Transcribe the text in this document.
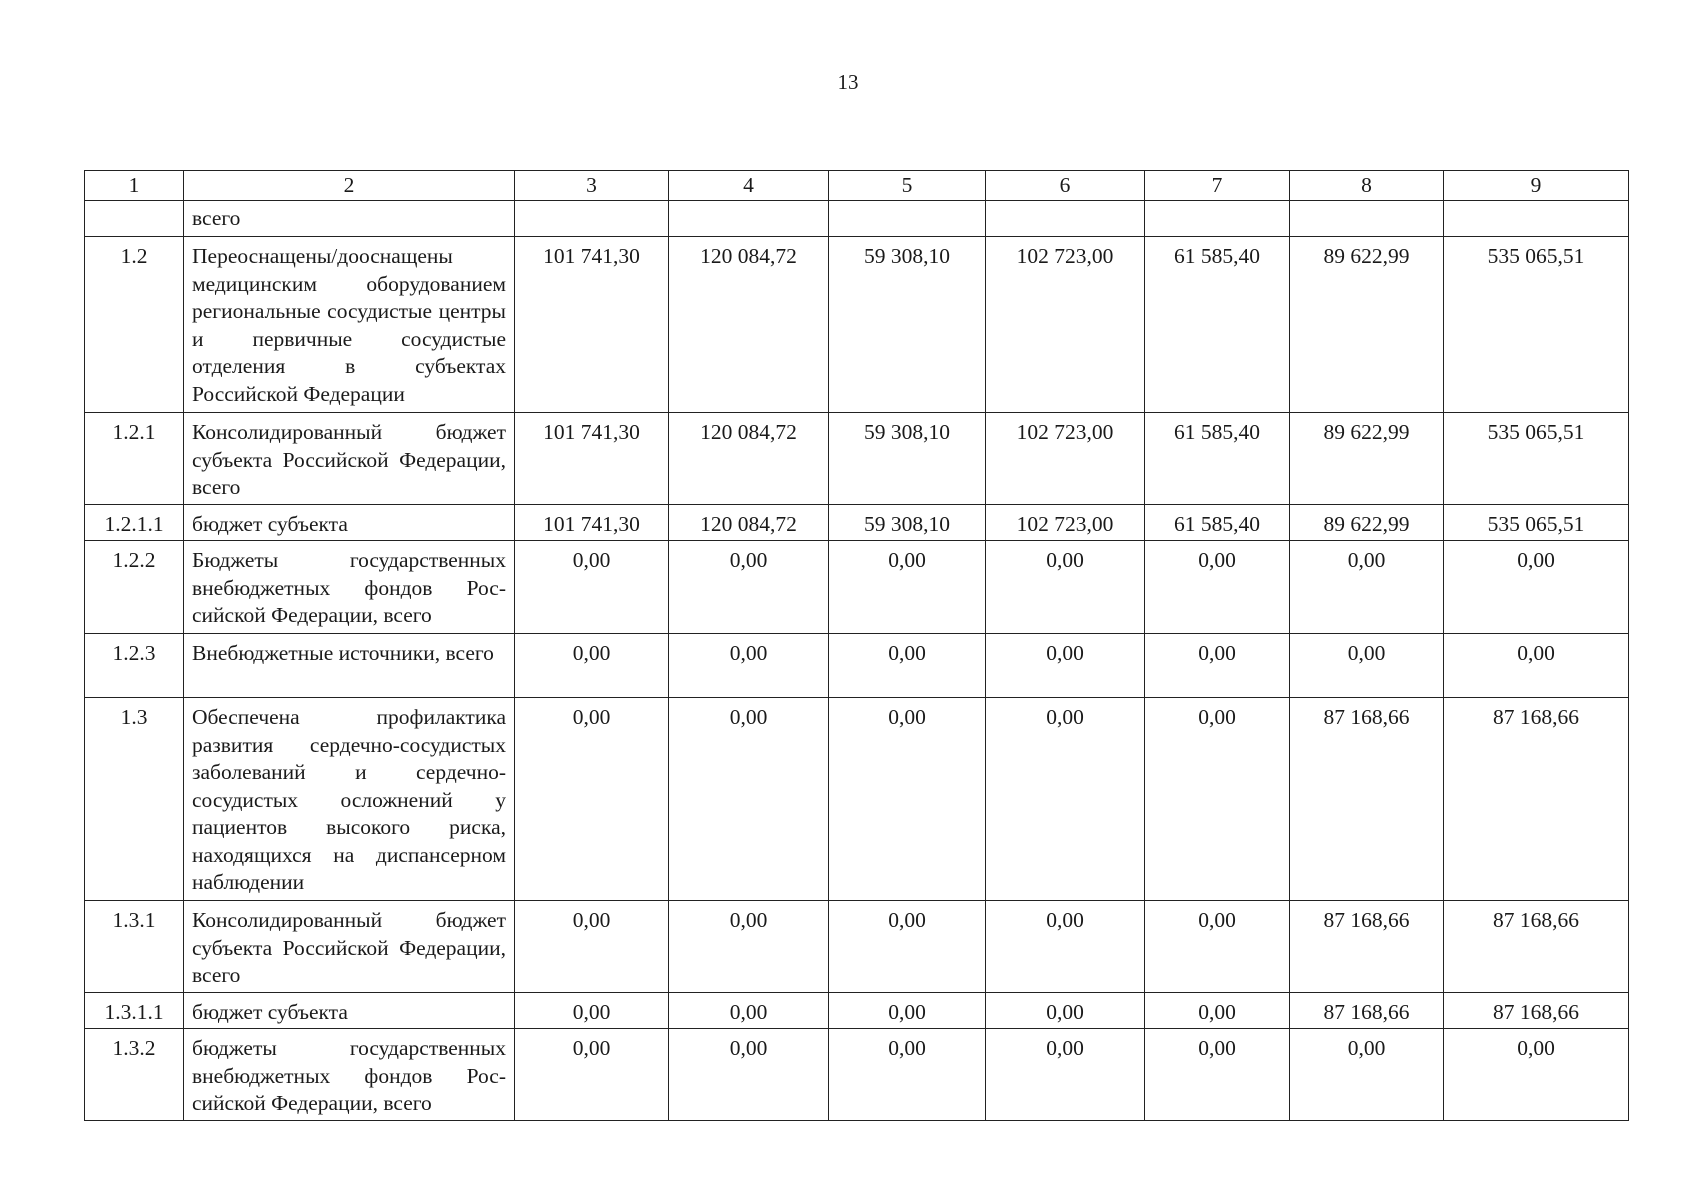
13
1	2	3	4	5	6	7	8	9
	всего							
1.2	Переоснащены/дооснащены медицинским оборудованием региональные сосудистые центры и первичные сосудистые отделения в субъектах Российской Федерации	101 741,30	120 084,72	59 308,10	102 723,00	61 585,40	89 622,99	535 065,51
1.2.1	Консолидированный бюджет субъекта Российской Федерации, всего	101 741,30	120 084,72	59 308,10	102 723,00	61 585,40	89 622,99	535 065,51
1.2.1.1	бюджет субъекта	101 741,30	120 084,72	59 308,10	102 723,00	61 585,40	89 622,99	535 065,51
1.2.2	Бюджеты государственных внебюджетных фондов Российской Федерации, всего	0,00	0,00	0,00	0,00	0,00	0,00	0,00
1.2.3	Внебюджетные источники, всего	0,00	0,00	0,00	0,00	0,00	0,00	0,00
1.3	Обеспечена профилактика развития сердечно-сосудистых заболеваний и сердечно-сосудистых осложнений у пациентов высокого риска, находящихся на диспансерном наблюдении	0,00	0,00	0,00	0,00	0,00	87 168,66	87 168,66
1.3.1	Консолидированный бюджет субъекта Российской Федерации, всего	0,00	0,00	0,00	0,00	0,00	87 168,66	87 168,66
1.3.1.1	бюджет субъекта	0,00	0,00	0,00	0,00	0,00	87 168,66	87 168,66
1.3.2	бюджеты государственных внебюджетных фондов Российской Федерации, всего	0,00	0,00	0,00	0,00	0,00	0,00	0,00
